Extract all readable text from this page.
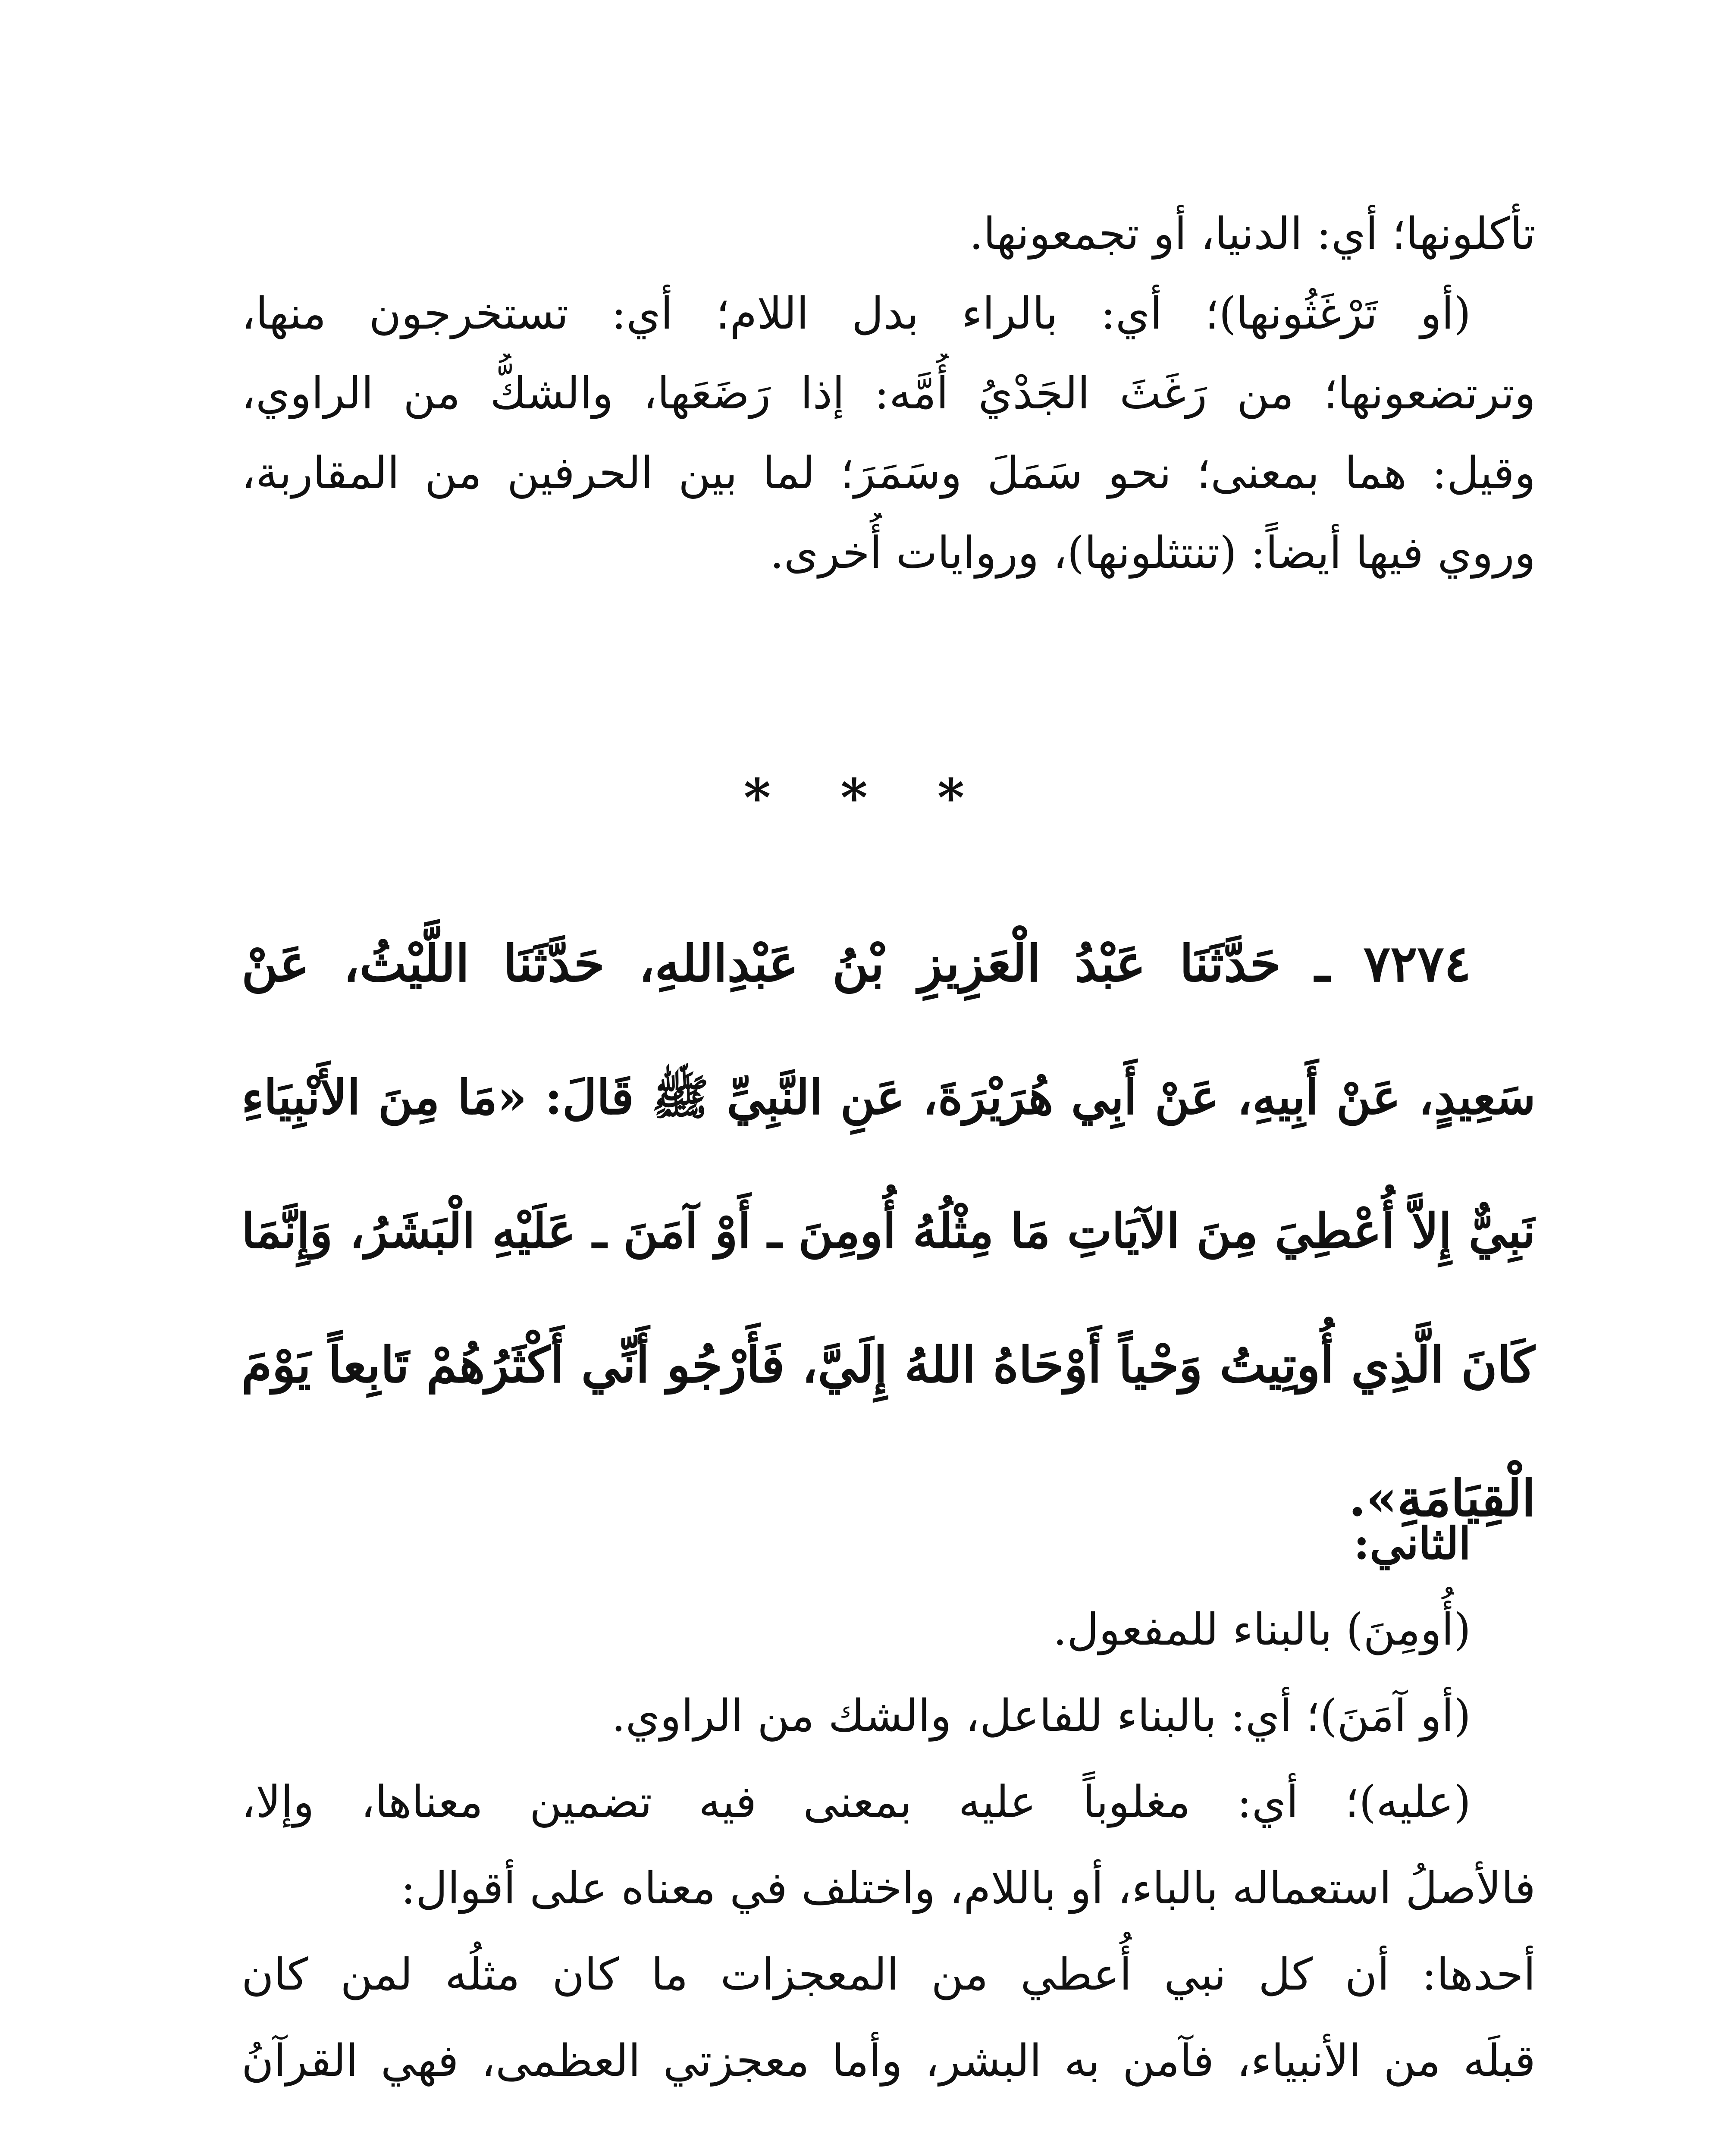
تأكلونها؛ أي: الدنيا، أو تجمعونها.
(أو تَرْغَثُونها)؛ أي: بالراء بدل اللام؛ أي: تستخرجون منها،
وترتضعونها؛ من رَغَثَ الجَدْيُ أُمَّه: إذا رَضَعَها، والشكُّ من الراوي،
وقيل: هما بمعنى؛ نحو سَمَلَ وسَمَرَ؛ لما بين الحرفين من المقاربة،
وروي فيها أيضاً: (تنتثلونها)، وروايات أُخرى.
* * *
٧٢٧٤ ـ حَدَّثَنَا عَبْدُ الْعَزِيزِ بْنُ عَبْدِاللهِ، حَدَّثَنَا اللَّيْثُ، عَنْ
سَعِيدٍ، عَنْ أَبِيهِ، عَنْ أَبِي هُرَيْرَةَ، عَنِ النَّبِيِّ ﷺ قَالَ: «مَا مِنَ الأَنْبِيَاءِ
نَبِيٌّ إِلاَّ أُعْطِيَ مِنَ الآيَاتِ مَا مِثْلُهُ أُومِنَ ـ أَوْ آمَنَ ـ عَلَيْهِ الْبَشَرُ، وَإِنَّمَا
كَانَ الَّذِي أُوتِيتُ وَحْياً أَوْحَاهُ اللهُ إِلَيَّ، فَأَرْجُو أَنِّي أَكْثَرُهُمْ تَابِعاً يَوْمَ
الْقِيَامَةِ».
الثاني:
(أُومِنَ) بالبناء للمفعول.
(أو آمَنَ)؛ أي: بالبناء للفاعل، والشك من الراوي.
(عليه)؛ أي: مغلوباً عليه بمعنى فيه تضمين معناها، وإلا،
فالأصلُ استعماله بالباء، أو باللام، واختلف في معناه على أقوال:
أحدها: أن كل نبي أُعطي من المعجزات ما كان مثلُه لمن كان
قبلَه من الأنبياء، فآمن به البشر، وأما معجزتي العظمى، فهي القرآنُ
